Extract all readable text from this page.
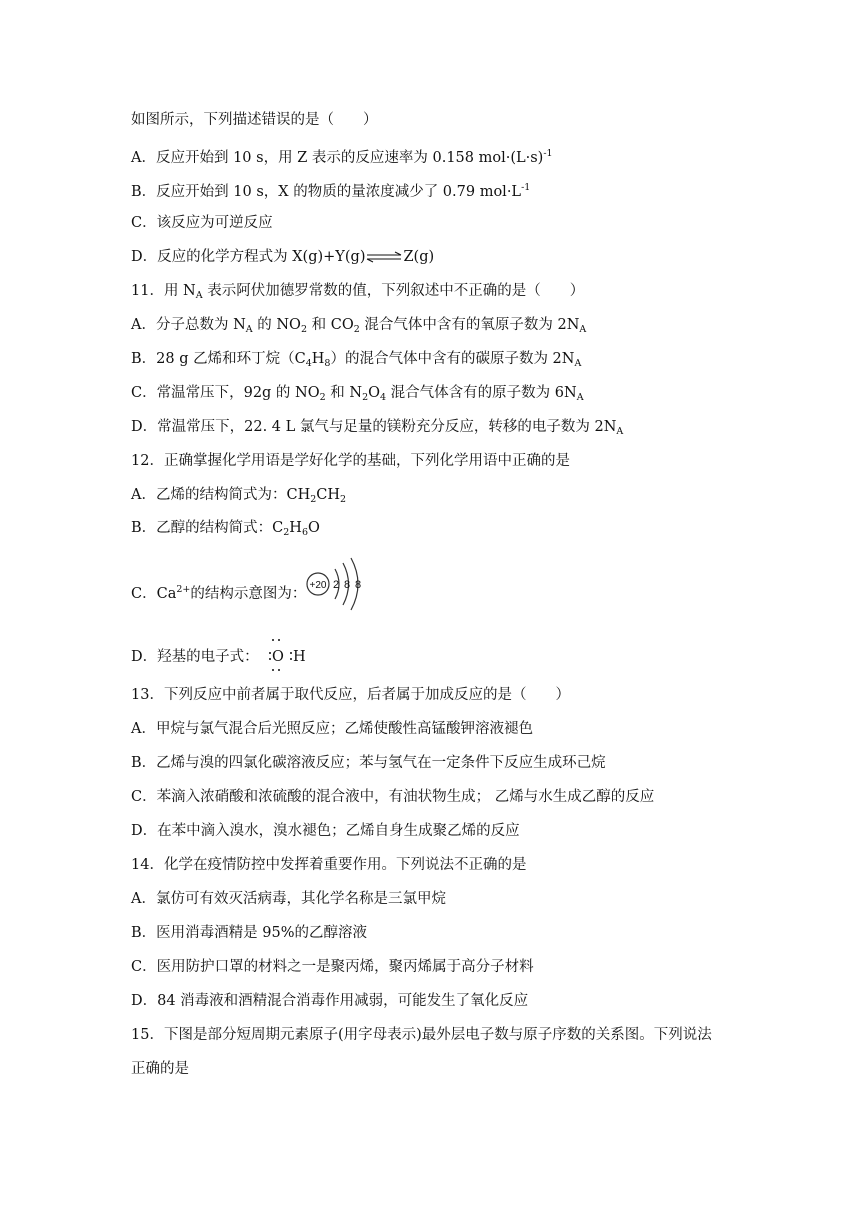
如图所示，下列描述错误的是（　　）
A．反应开始到 10 s，用 Z 表示的反应速率为 0.158 $mol\cdot(L\cdot s)^{-1}$
B．反应开始到 10 s，X 的物质的量浓度减少了 0.79 $mol\cdot L^{-1}$
C．该反应为可逆反应
D．反应的化学方程式为 X(g)+Y(g)⇌Z(g)
11．用 $N_A$ 表示阿伏加德罗常数的值，下列叙述中不正确的是（　　）
A．分子总数为 $N_A$ 的 $NO_2$ 和 $CO_2$ 混合气体中含有的氧原子数为 $2N_A$
B．28 g 乙烯和环丁烷$(C_4H_8)$的混合气体中含有的碳原子数为 $2N_A$
C．常温常压下，92g 的 $NO_2$ 和 $N_2O_4$ 混合气体含有的原子数为 $6N_A$
D．常温常压下，22. 4 L 氯气与足量的镁粉充分反应，转移的电子数为 $2N_A$
12．正确掌握化学用语是学好化学的基础，下列化学用语中正确的是
A．乙烯的结构简式为：$CH_2CH_2$
B．乙醇的结构简式：$C_2H_6O$
C．$Ca^{2+}$的结构示意图为：
+20 2 8 8
D．羟基的电子式： O H
13．下列反应中前者属于取代反应，后者属于加成反应的是（　　）
A．甲烷与氯气混合后光照反应；乙烯使酸性高锰酸钾溶液褪色
B．乙烯与溴的四氯化碳溶液反应；苯与氢气在一定条件下反应生成环己烷
C．苯滴入浓硝酸和浓硫酸的混合液中，有油状物生成； 乙烯与水生成乙醇的反应
D．在苯中滴入溴水，溴水褪色；乙烯自身生成聚乙烯的反应
14．化学在疫情防控中发挥着重要作用。下列说法不正确的是
A．氯仿可有效灭活病毒，其化学名称是三氯甲烷
B．医用消毒酒精是 95%的乙醇溶液
C．医用防护口罩的材料之一是聚丙烯，聚丙烯属于高分子材料
D．84 消毒液和酒精混合消毒作用减弱，可能发生了氧化反应
15．下图是部分短周期元素原子(用字母表示)最外层电子数与原子序数的关系图。下列说法
正确的是
